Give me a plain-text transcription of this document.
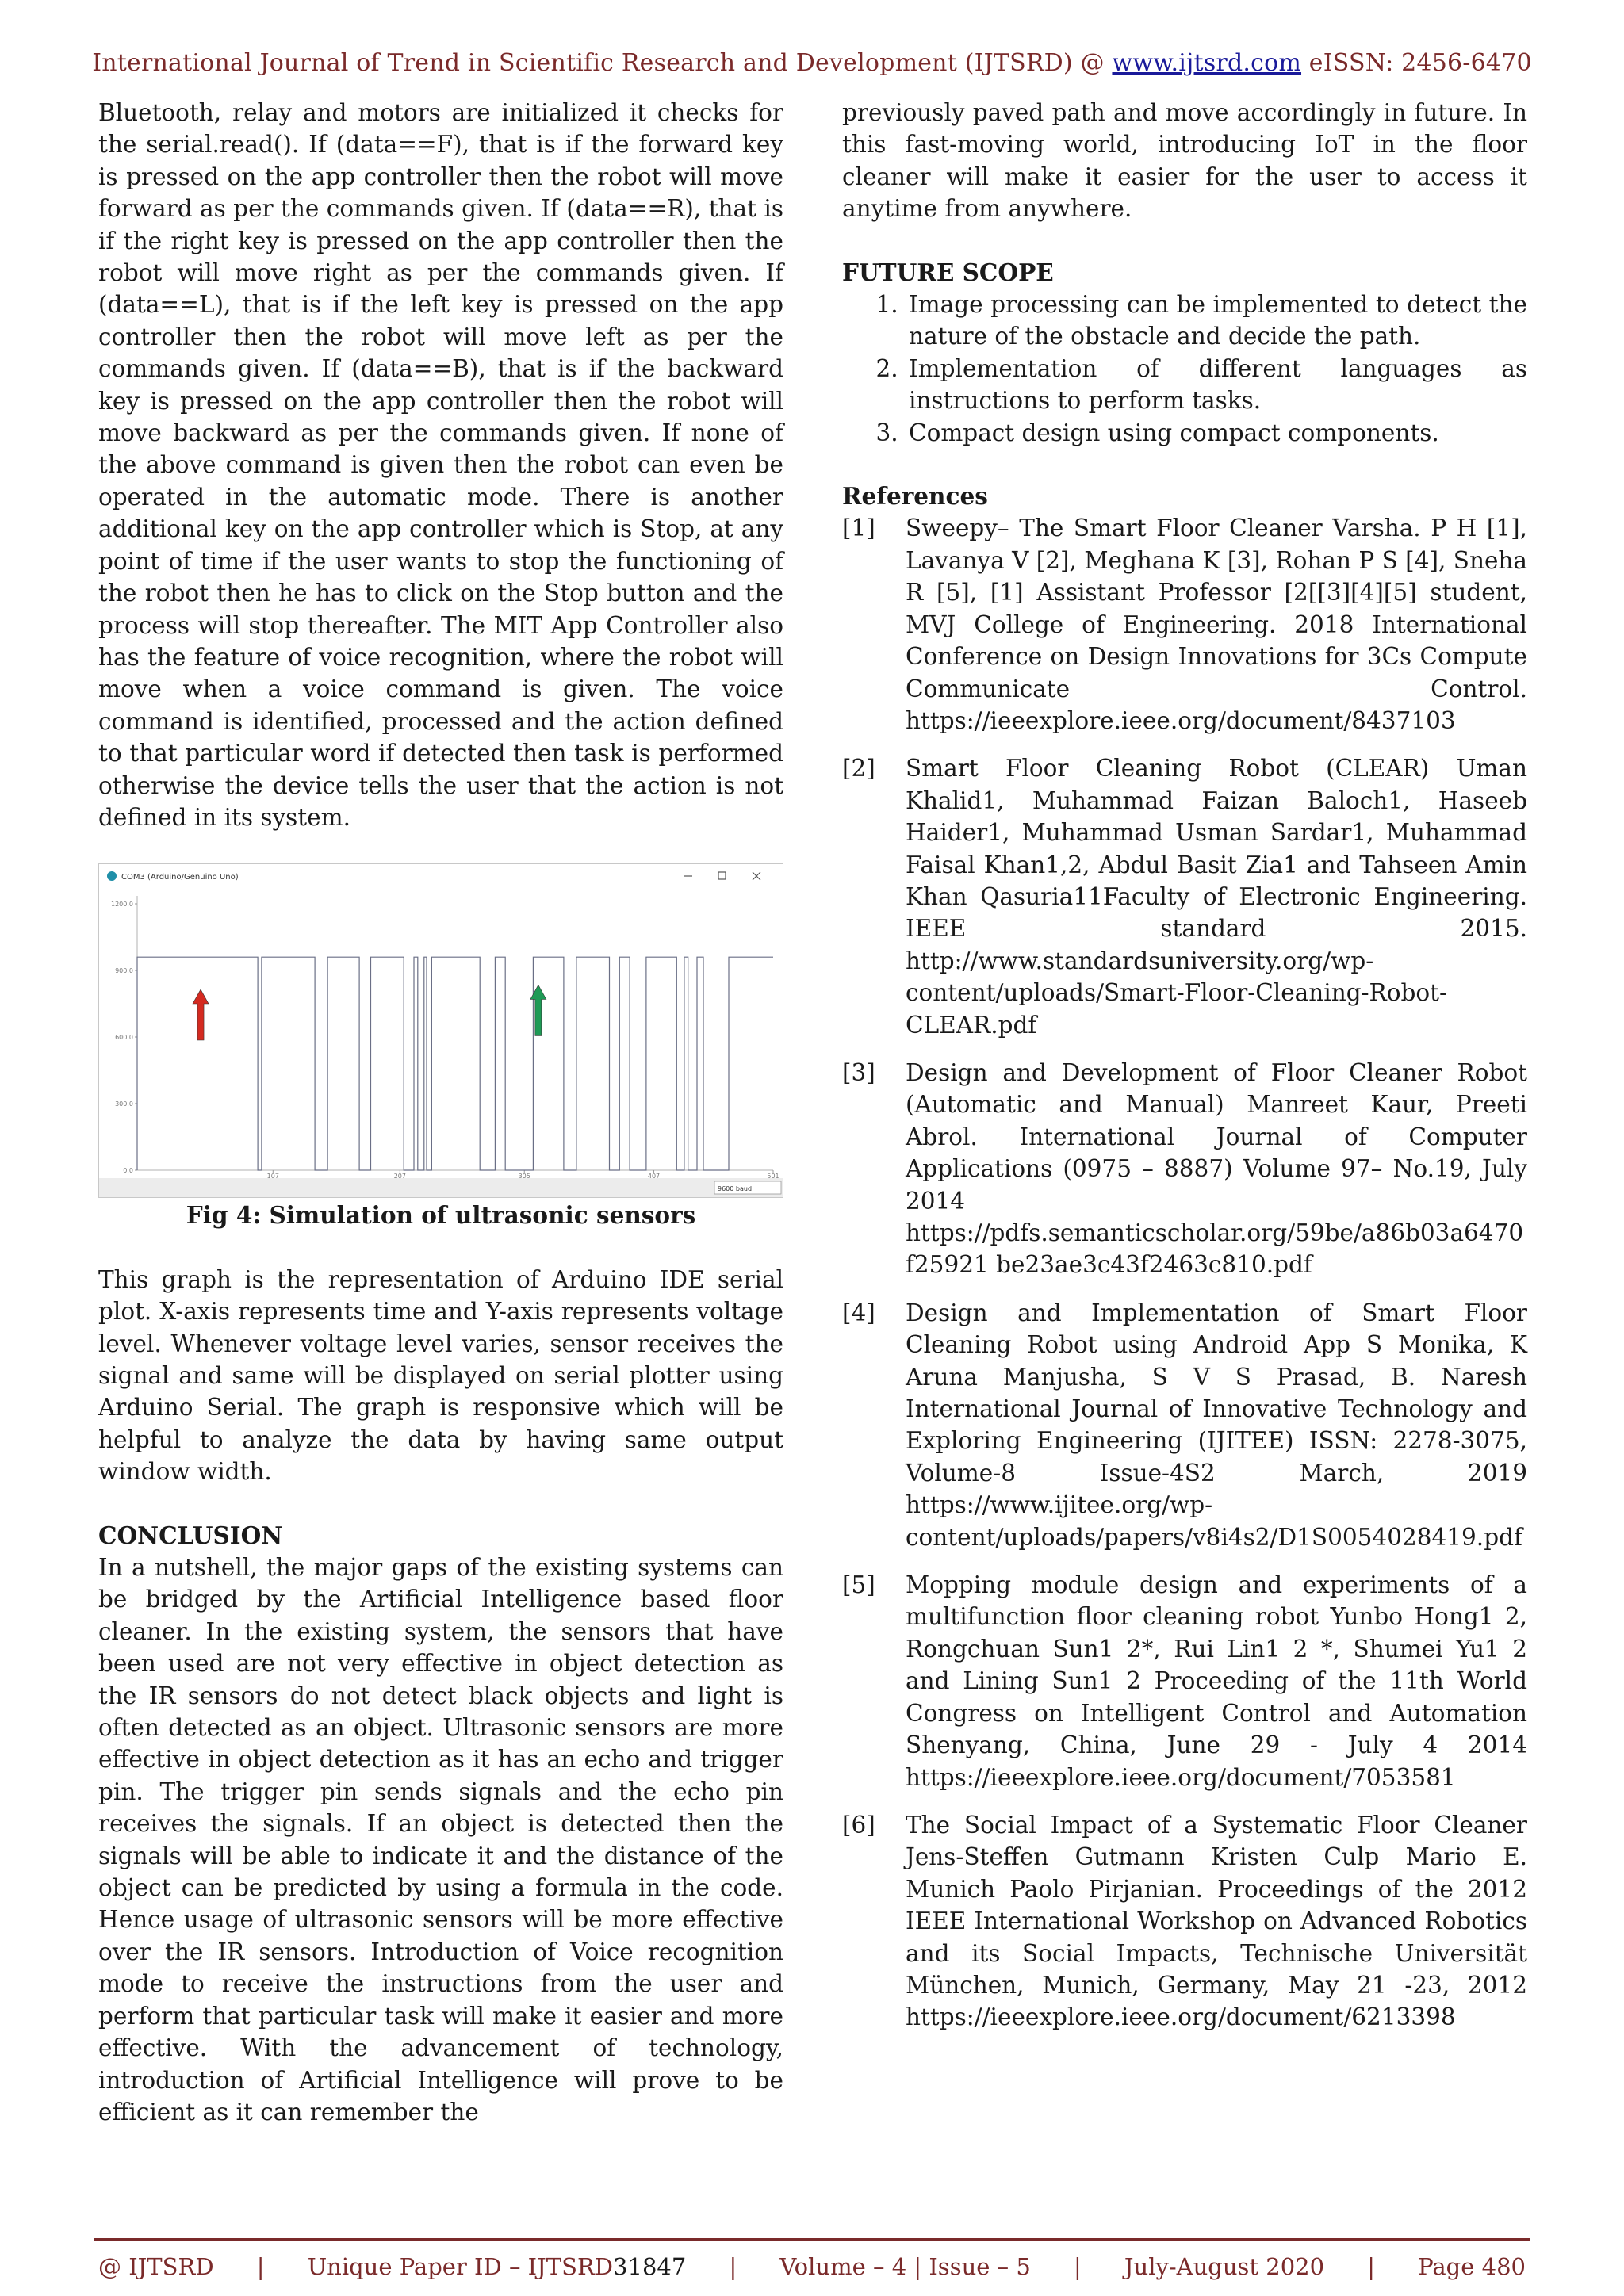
International Journal of Trend in Scientific Research and Development (IJTSRD) @ www.ijtsrd.com eISSN: 2456-6470

Bluetooth, relay and motors are initialized it checks for the serial.read(). If (data==F), that is if the forward key is pressed on the app controller then the robot will move forward as per the commands given. If (data==R), that is if the right key is pressed on the app controller then the robot will move right as per the commands given. If (data==L), that is if the left key is pressed on the app controller then the robot will move left as per the commands given. If (data==B), that is if the backward key is pressed on the app controller then the robot will move backward as per the commands given. If none of the above command is given then the robot can even be operated in the automatic mode. There is another additional key on the app controller which is Stop, at any point of time if the user wants to stop the functioning of the robot then he has to click on the Stop button and the process will stop thereafter. The MIT App Controller also has the feature of voice recognition, where the robot will move when a voice command is given. The voice command is identified, processed and the action defined to that particular word if detected then task is performed otherwise the device tells the user that the action is not defined in its system.

COM3 (Arduino/Genuino Uno)
9600 baud
1200.0
900.0
600.0
300.0
0.0
107	207	305	407	501
Fig 4: Simulation of ultrasonic sensors

This graph is the representation of Arduino IDE serial plot. X-axis represents time and Y-axis represents voltage level. Whenever voltage level varies, sensor receives the signal and same will be displayed on serial plotter using Arduino Serial. The graph is responsive which will be helpful to analyze the data by having same output window width.

CONCLUSION

In a nutshell, the major gaps of the existing systems can be bridged by the Artificial Intelligence based floor cleaner. In the existing system, the sensors that have been used are not very effective in object detection as the IR sensors do not detect black objects and light is often detected as an object. Ultrasonic sensors are more effective in object detection as it has an echo and trigger pin. The trigger pin sends signals and the echo pin receives the signals. If an object is detected then the signals will be able to indicate it and the distance of the object can be predicted by using a formula in the code. Hence usage of ultrasonic sensors will be more effective over the IR sensors. Introduction of Voice recognition mode to receive the instructions from the user and perform that particular task will make it easier and more effective. With the advancement of technology, introduction of Artificial Intelligence will prove to be efficient as it can remember the

previously paved path and move accordingly in future. In this fast-moving world, introducing IoT in the floor cleaner will make it easier for the user to access it anytime from anywhere.

FUTURE SCOPE
1. Image processing can be implemented to detect the nature of the obstacle and decide the path.
2. Implementation of different languages as instructions to perform tasks.
3. Compact design using compact components.
References
[1]	Sweepy– The Smart Floor Cleaner Varsha. P H [1], Lavanya V [2], Meghana K [3], Rohan P S [4], Sneha R [5], [1] Assistant Professor [2[[3][4][5] student, MVJ College of Engineering. 2018 International Conference on Design Innovations for 3Cs Compute Communicate Control. https://ieeexplore.ieee.org/document/8437103
[2]	Smart Floor Cleaning Robot (CLEAR) Uman Khalid1, Muhammad Faizan Baloch1, Haseeb Haider1, Muhammad Usman Sardar1, Muhammad Faisal Khan1,2, Abdul Basit Zia1 and Tahseen Amin Khan Qasuria11Faculty of Electronic Engineering. IEEE standard 2015. http://www.standardsuniversity.org/wp-content/uploads/Smart-Floor-Cleaning-Robot-CLEAR.pdf
[3]	Design and Development of Floor Cleaner Robot (Automatic and Manual) Manreet Kaur, Preeti Abrol. International Journal of Computer Applications (0975 – 8887) Volume 97– No.19, July 2014 https://pdfs.semanticscholar.org/59be/a86b03a6470f25921 be23ae3c43f2463c810.pdf
[4]	Design and Implementation of Smart Floor Cleaning Robot using Android App S Monika, K Aruna Manjusha, S V S Prasad, B. Naresh International Journal of Innovative Technology and Exploring Engineering (IJITEE) ISSN: 2278-3075, Volume-8 Issue-4S2 March, 2019 https://www.ijitee.org/wp-content/uploads/papers/v8i4s2/D1S0054028419.pdf
[5]	Mopping module design and experiments of a multifunction floor cleaning robot Yunbo Hong1 2, Rongchuan Sun1 2*, Rui Lin1 2 *, Shumei Yu1 2 and Lining Sun1 2 Proceeding of the 11th World Congress on Intelligent Control and Automation Shenyang, China, June 29 - July 4 2014 https://ieeexplore.ieee.org/document/7053581
[6]	The Social Impact of a Systematic Floor Cleaner Jens-Steffen Gutmann Kristen Culp Mario E. Munich Paolo Pirjanian. Proceedings of the 2012 IEEE International Workshop on Advanced Robotics and its Social Impacts, Technische Universität München, Munich, Germany, May 21 -23, 2012 https://ieeexplore.ieee.org/document/6213398
@ IJTSRD | Unique Paper ID – IJTSRD31847 | Volume – 4 | Issue – 5 | July-August 2020 | Page 480
